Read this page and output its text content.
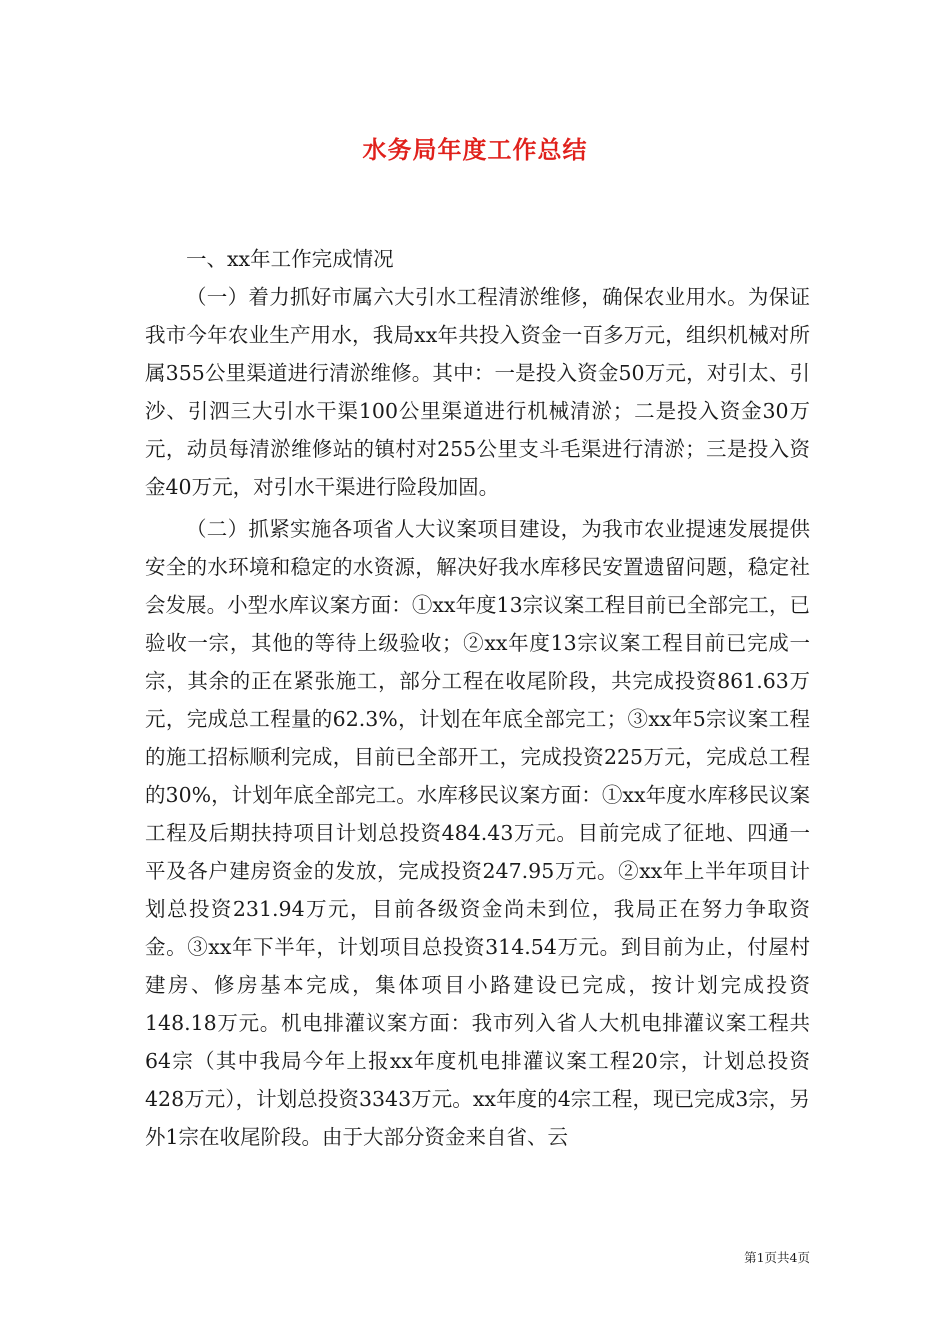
水务局年度工作总结

一、xx年工作完成情况

（一）着力抓好市属六大引水工程清淤维修，确保农业用水。为保证我市今年农业生产用水，我局xx年共投入资金一百多万元，组织机械对所属355公里渠道进行清淤维修。其中：一是投入资金50万元，对引太、引沙、引泗三大引水干渠100公里渠道进行机械清淤；二是投入资金30万元，动员每清淤维修站的镇村对255公里支斗毛渠进行清淤；三是投入资金40万元，对引水干渠进行险段加固。

（二）抓紧实施各项省人大议案项目建设，为我市农业提速发展提供安全的水环境和稳定的水资源，解决好我水库移民安置遗留问题，稳定社会发展。小型水库议案方面：①xx年度13宗议案工程目前已全部完工，已验收一宗，其他的等待上级验收；②xx年度13宗议案工程目前已完成一宗，其余的正在紧张施工，部分工程在收尾阶段，共完成投资861.63万元，完成总工程量的62.3%，计划在年底全部完工；③xx年5宗议案工程的施工招标顺利完成，目前已全部开工，完成投资225万元，完成总工程的30%，计划年底全部完工。水库移民议案方面：①xx年度水库移民议案工程及后期扶持项目计划总投资484.43万元。目前完成了征地、四通一平及各户建房资金的发放，完成投资247.95万元。②xx年上半年项目计划总投资231.94万元，目前各级资金尚未到位，我局正在努力争取资金。③xx年下半年，计划项目总投资314.54万元。到目前为止，付屋村建房、修房基本完成，集体项目小路建设已完成，按计划完成投资148.18万元。机电排灌议案方面：我市列入省人大机电排灌议案工程共64宗（其中我局今年上报xx年度机电排灌议案工程20宗，计划总投资428万元），计划总投资3343万元。xx年度的4宗工程，现已完成3宗，另外1宗在收尾阶段。由于大部分资金来自省、云

第1页共4页
